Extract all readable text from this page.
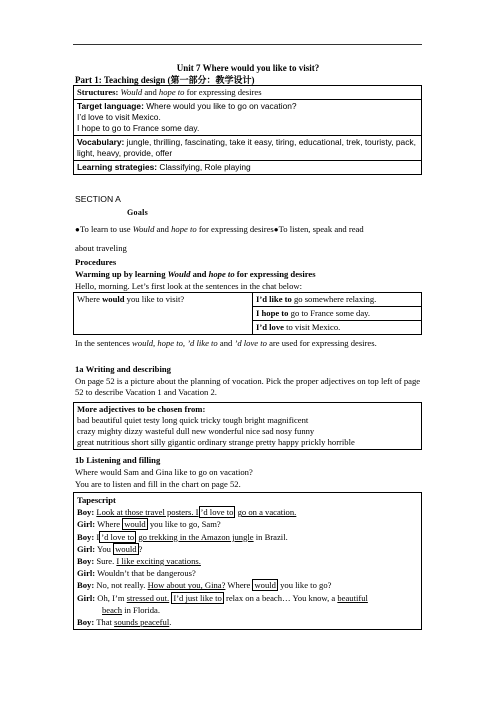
Unit 7 Where would you like to visit?
Part 1: Teaching design (第一部分：教学设计)
Structures: Would and hope to for expressing desires
Target language: Where would you like to go on vacation?
I’d love to visit Mexico.
I hope to go to France some day.
Vocabulary: jungle, thrilling, fascinating, take it easy, tiring, educational, trek, touristy, pack, light, heavy, provide, offer
Learning strategies: Classifying, Role playing
SECTION A
Goals
●To learn to use Would and hope to for expressing desires●To listen, speak and read
about traveling
Procedures
Warming up by learning Would and hope to for expressing desires
Hello, morning. Let’s first look at the sentences in the chat below:
Where would you like to visit?	I’d like to go somewhere relaxing.
I hope to go to France some day.
I’d love to visit Mexico.
In the sentences would, hope to, ’d like to and ’d love to are used for expressing desires.
1a Writing and describing
On page 52 is a picture about the planning of vocation. Pick the proper adjectives on top left of page 52 to describe Vacation 1 and Vacation 2.
More adjectives to be chosen from:
bad beautiful quiet testy long quick tricky tough bright magnificent
crazy mighty dizzy wasteful dull new wonderful nice sad nosy funny
great nutritious short silly gigantic ordinary strange pretty happy prickly horrible
1b Listening and filling
Where would Sam and Gina like to go on vacation?
You are to listen and fill in the chart on page 52.
Tapescript
Boy: Look at those travel posters. I ’d love to go on a vacation.
Girl: Where would you like to go, Sam?
Boy: I ’d love to go trekking in the Amazon jungle in Brazil.
Girl: You would ?
Boy: Sure. I like exciting vacations.
Girl: Wouldn’t that be dangerous?
Boy: No, not really. How about you, Gina? Where would you like to go?
Girl: Oh, I’m stressed out. I’d just like to relax on a beach… You know, a beautiful
beach in Florida.
Boy: That sounds peaceful.
